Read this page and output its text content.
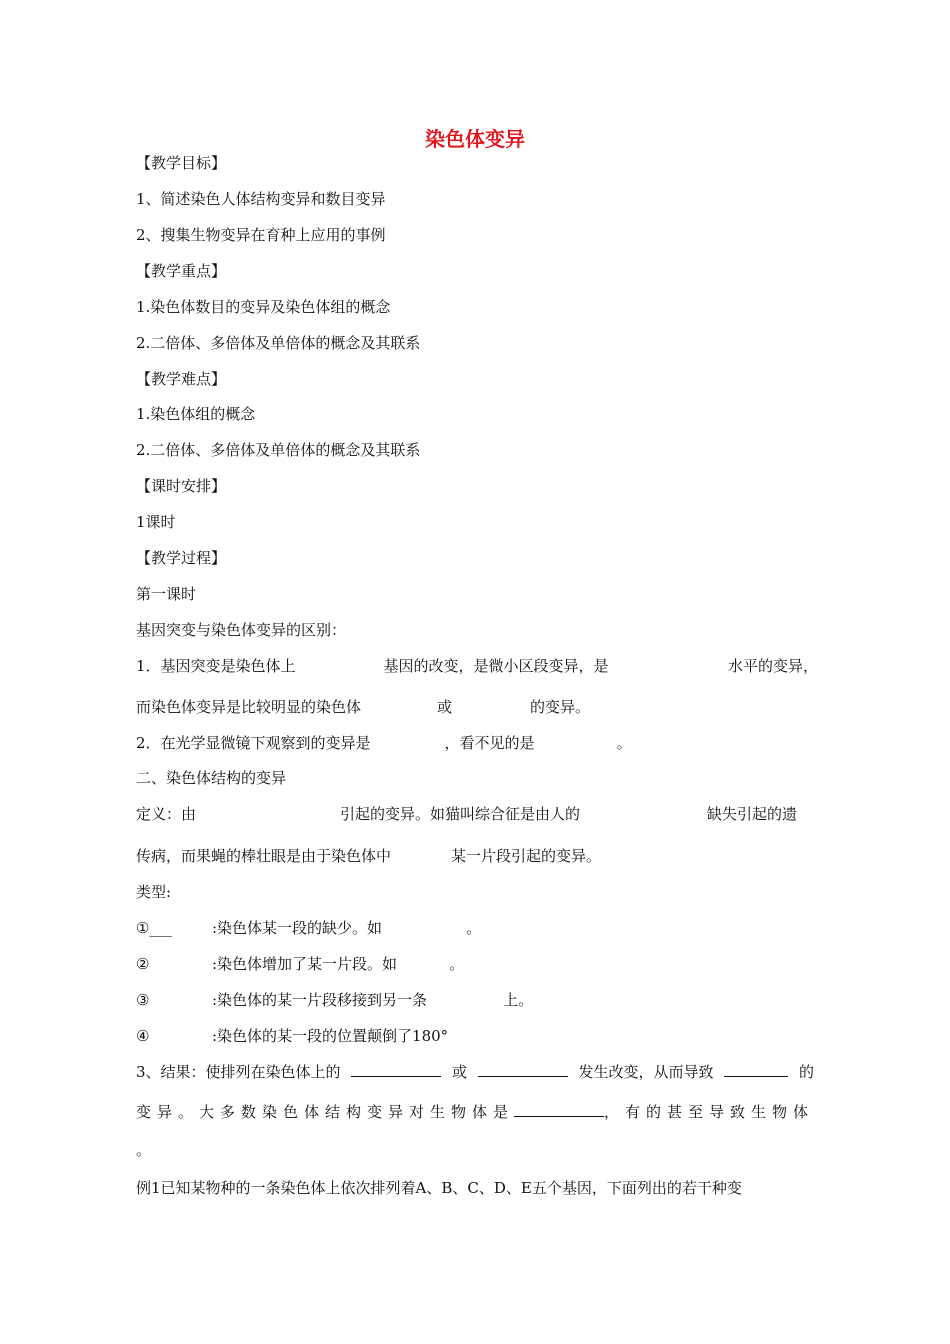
染色体变异
【教学目标】
1、简述染色人体结构变异和数目变异
2、搜集生物变异在育种上应用的事例
【教学重点】
1.染色体数目的变异及染色体组的概念
2.二倍体、多倍体及单倍体的概念及其联系
【教学难点】
1.染色体组的概念
2.二倍体、多倍体及单倍体的概念及其联系
【课时安排】
1课时
【教学过程】
第一课时
基因突变与染色体变异的区别：
1．基因突变是染色体上	基因的改变，是微小区段变异，是	水平的变异，
而染色体变异是比较明显的染色体	或	的变异。
2．在光学显微镜下观察到的变异是	，看不见的是	。
二、染色体结构的变异
定义：由	引起的变异。如猫叫综合征是由人的	缺失引起的遗
传病，而果蝇的棒壮眼是由于染色体中	某一片段引起的变异。
类型:
①___	:染色体某一段的缺少。如	。
②	:染色体增加了某一片段。如	。
③	:染色体的某一片段移接到另一条	上。
④	:染色体的某一段的位置颠倒了180°
3、结果：使排列在染色体上的	或	发生改变，从而导致	的
变异。大多数染色体结构变异对生物体是	，有的甚至导致生物体
。
例1已知某物种的一条染色体上依次排列着A、B、C、D、E五个基因，下面列出的若干种变
